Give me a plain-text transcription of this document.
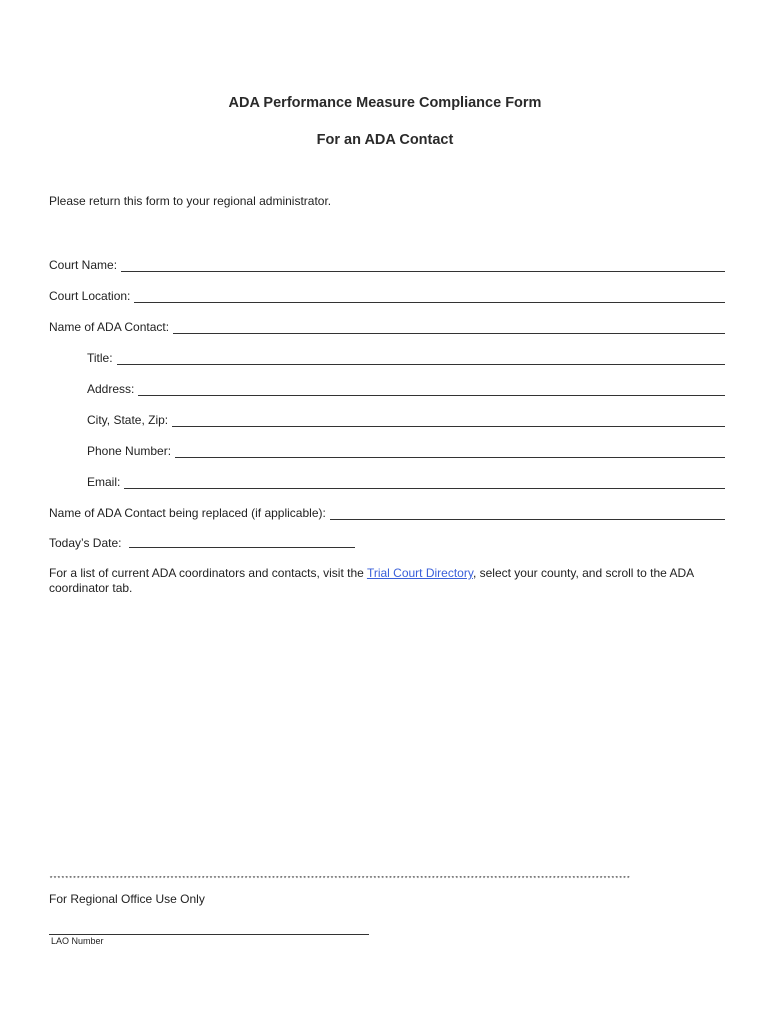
ADA Performance Measure Compliance Form
For an ADA Contact
Please return this form to your regional administrator.
Court Name:
Court Location:
Name of ADA Contact:
Title:
Address:
City, State, Zip:
Phone Number:
Email:
Name of ADA Contact being replaced (if applicable):
Today’s Date:
For a list of current ADA coordinators and contacts, visit the Trial Court Directory, select your county, and scroll to the ADA coordinator tab.
*****************************************************************************************************************************************************
For Regional Office Use Only
LAO Number
